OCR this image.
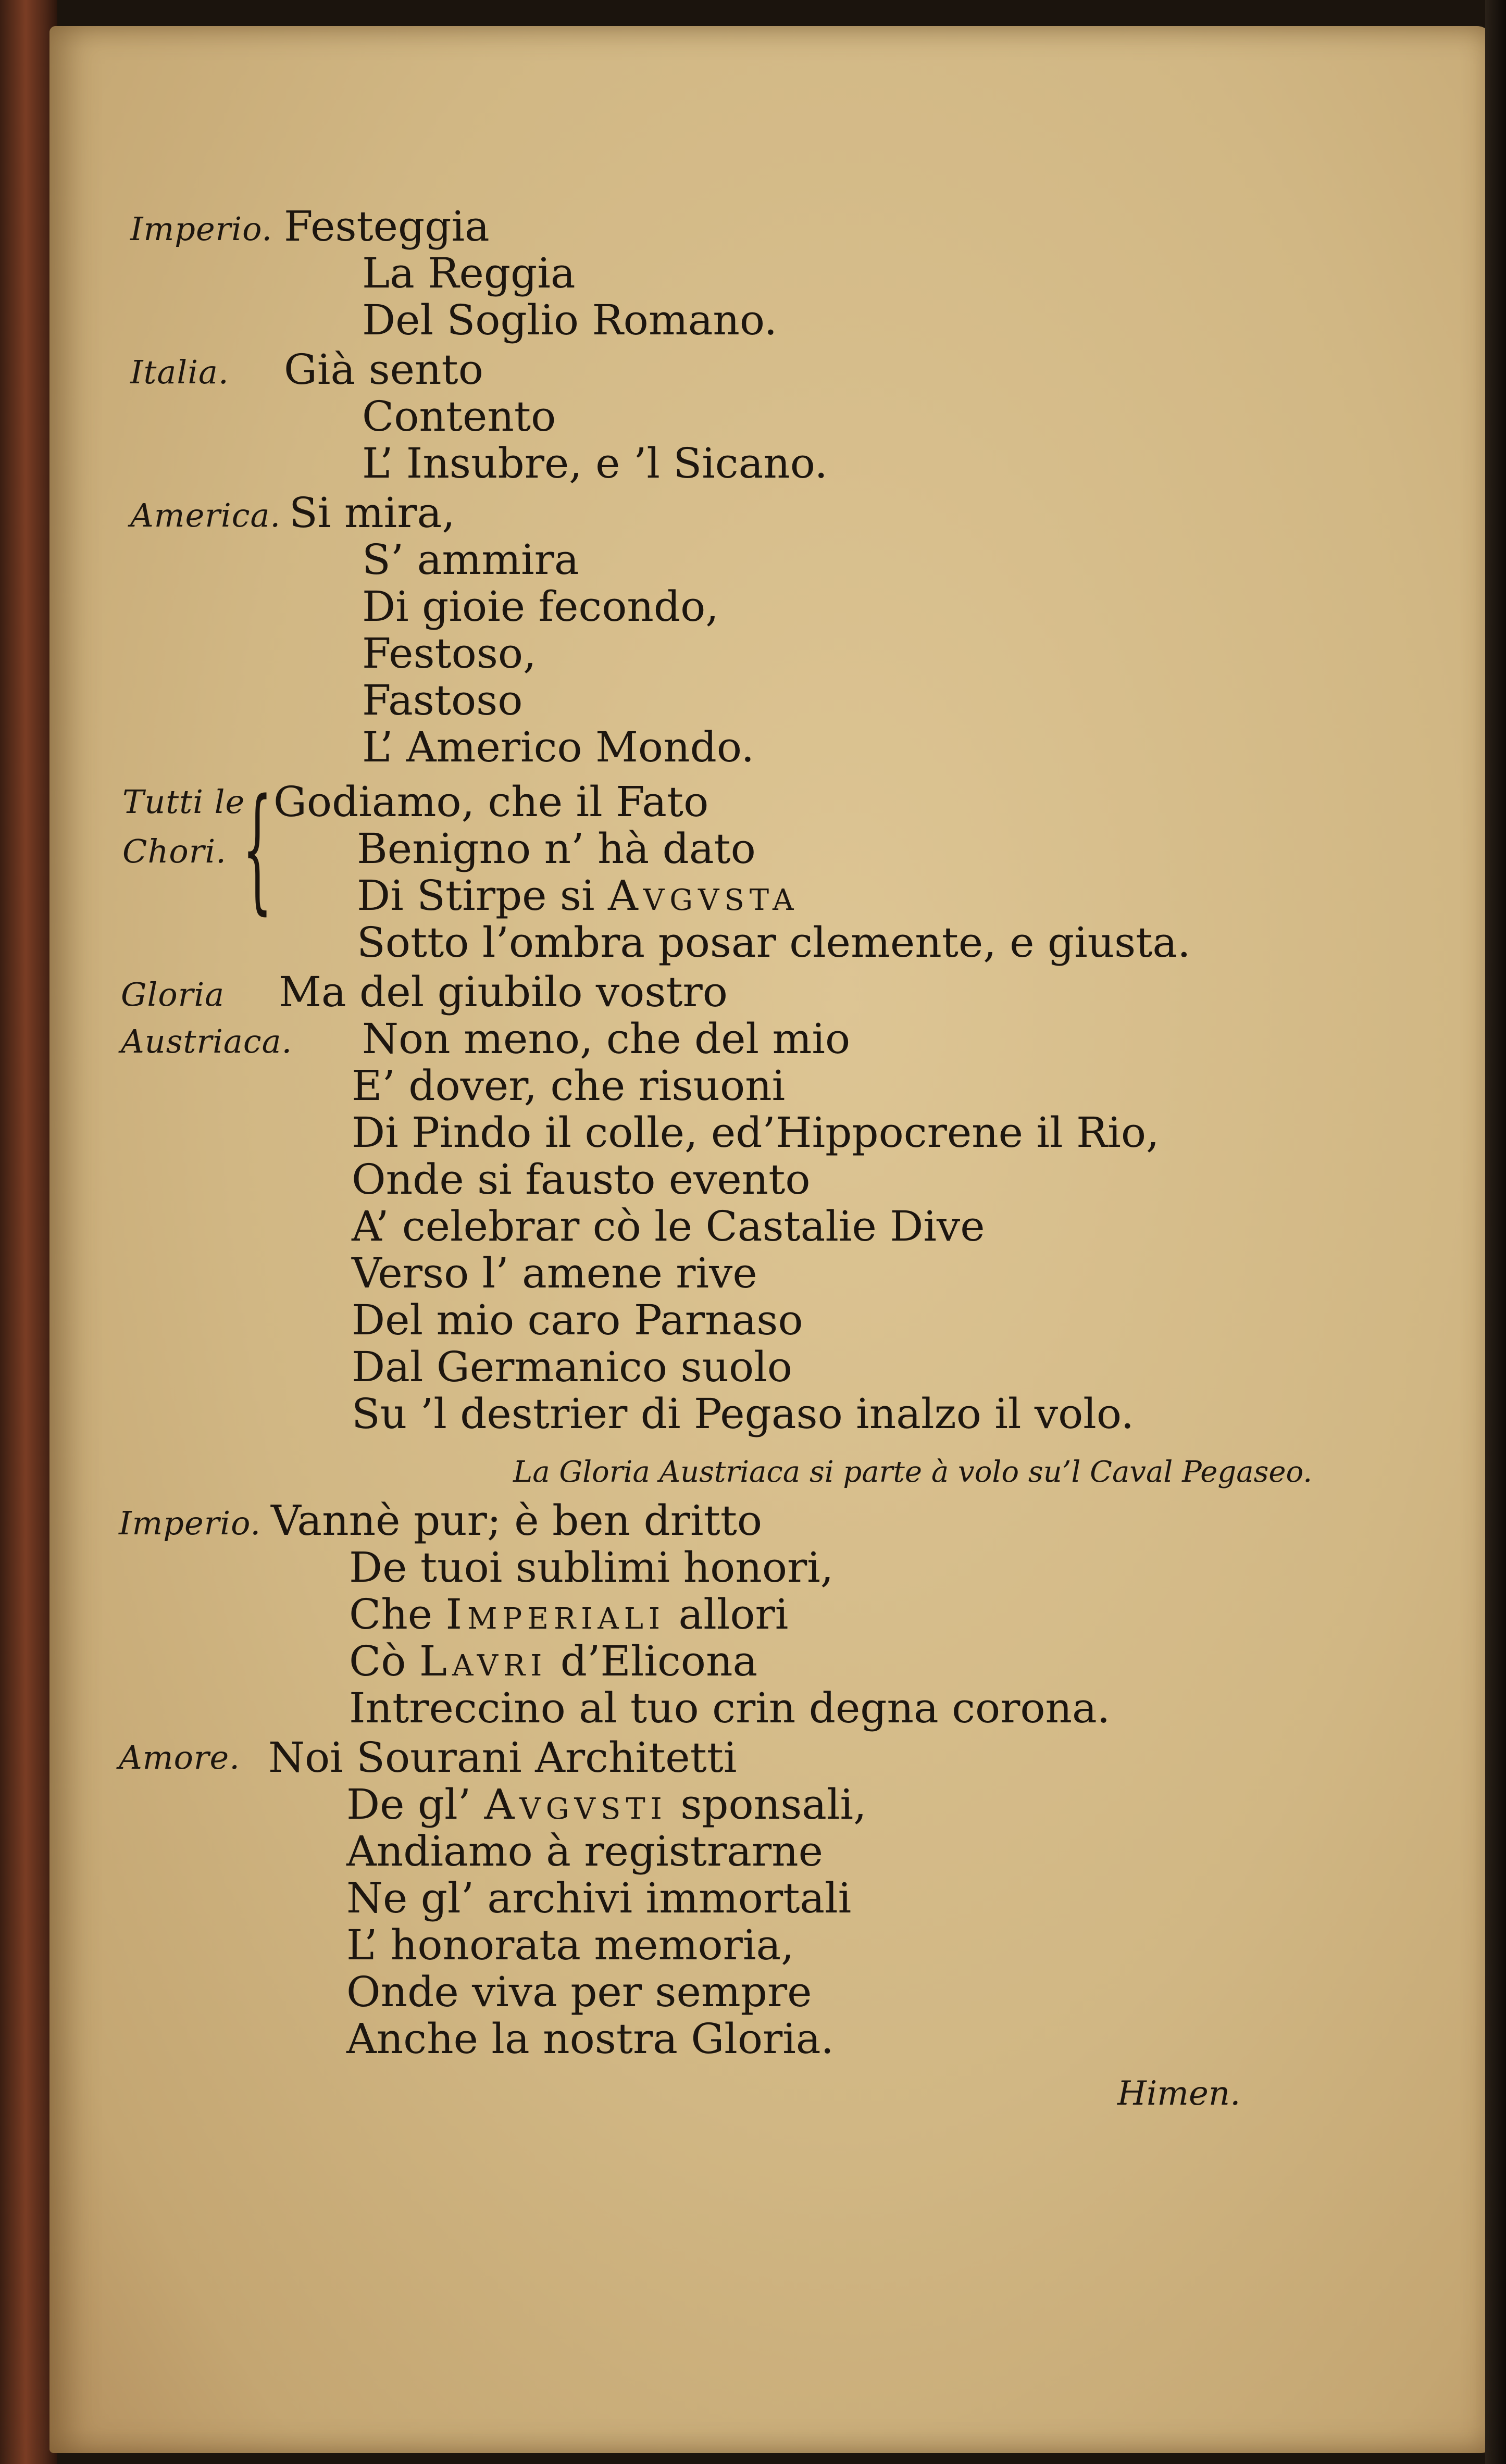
Imperio.
Italia.
America.
Tutti le
Chori.
Gloria
Austriaca.
Imperio.
Amore.
{
Festeggia
La Reggia
Del Soglio Romano.
Già sento
Contento
L’ Insubre, e ’l Sicano.
Si mira,
S’ ammira
Di gioie fecondo,
Festoso,
Fastoso
L’ Americo Mondo.
Godiamo, che il Fato
Benigno n’ hà dato
Di Stirpe si Avgvsta
Sotto l’ombra posar clemente, e giusta.
Ma del giubilo vostro
Non meno, che del mio
E’ dover, che risuoni
Di Pindo il colle, ed’Hippocrene il Rio,
Onde si fausto evento
A’ celebrar cò le Castalie Dive
Verso l’ amene rive
Del mio caro Parnaso
Dal Germanico suolo
Su ’l destrier di Pegaso inalzo il volo.
La Gloria Austriaca si parte à volo su’l Caval Pegaseo.
Vannè pur; è ben dritto
De tuoi sublimi honori,
Che Imperiali allori
Cò Lavri d’Elicona
Intreccino al tuo crin degna corona.
Noi Sourani Architetti
De gl’ Avgvsti sponsali,
Andiamo à registrarne
Ne gl’ archivi immortali
L’ honorata memoria,
Onde viva per sempre
Anche la nostra Gloria.
Himen.
